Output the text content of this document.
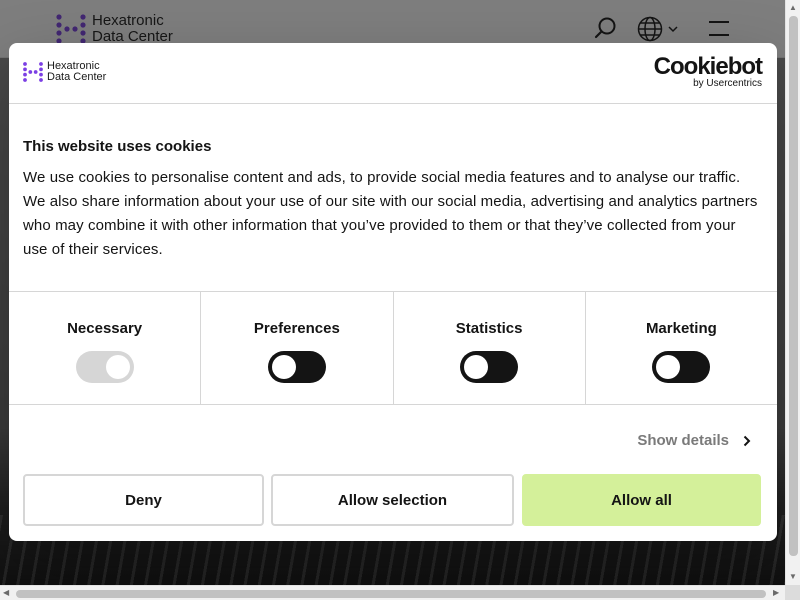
Hexatronic
Data Center	Cookiebot
by Usercentrics
This website uses cookies
We use cookies to personalise content and ads, to provide social media features and to analyse our traffic. We also share information about your use of our site with our social media, advertising and analytics partners who may combine it with other information that you’ve provided to them or that they’ve collected from your use of their services.
Necessary	Preferences	Statistics	Marketing
Show details
Deny	Allow selection	Allow all
▲
▼
◀	▶
